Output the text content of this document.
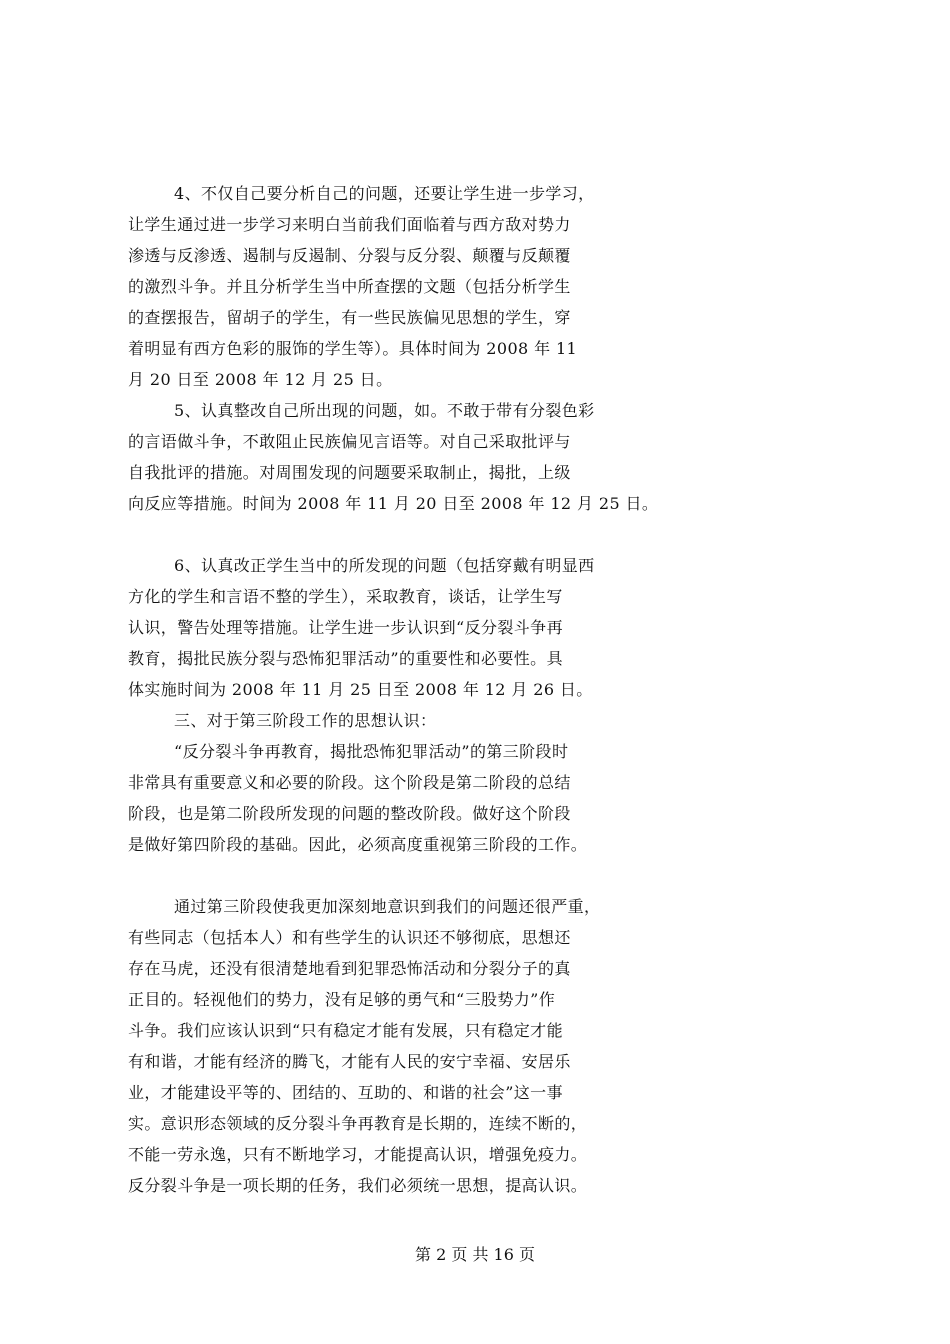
4、不仅自己要分析自己的问题，还要让学生进一步学习，
让学生通过进一步学习来明白当前我们面临着与西方敌对势力
渗透与反渗透、遏制与反遏制、分裂与反分裂、颠覆与反颠覆
的激烈斗争。并且分析学生当中所查摆的文题（包括分析学生
的查摆报告，留胡子的学生，有一些民族偏见思想的学生，穿
着明显有西方色彩的服饰的学生等）。具体时间为 2008 年 11
月 20 日至 2008 年 12 月 25 日。
5、认真整改自己所出现的问题，如。不敢于带有分裂色彩
的言语做斗争，不敢阻止民族偏见言语等。对自己采取批评与
自我批评的措施。对周围发现的问题要采取制止，揭批，上级
向反应等措施。时间为 2008 年 11 月 20 日至 2008 年 12 月 25 日。
6、认真改正学生当中的所发现的问题（包括穿戴有明显西
方化的学生和言语不整的学生），采取教育，谈话，让学生写
认识，警告处理等措施。让学生进一步认识到“反分裂斗争再
教育，揭批民族分裂与恐怖犯罪活动”的重要性和必要性。具
体实施时间为 2008 年 11 月 25 日至 2008 年 12 月 26 日。
三、对于第三阶段工作的思想认识：
“反分裂斗争再教育，揭批恐怖犯罪活动”的第三阶段时
非常具有重要意义和必要的阶段。这个阶段是第二阶段的总结
阶段，也是第二阶段所发现的问题的整改阶段。做好这个阶段
是做好第四阶段的基础。因此，必须高度重视第三阶段的工作。
通过第三阶段使我更加深刻地意识到我们的问题还很严重，
有些同志（包括本人）和有些学生的认识还不够彻底，思想还
存在马虎，还没有很清楚地看到犯罪恐怖活动和分裂分子的真
正目的。轻视他们的势力，没有足够的勇气和“三股势力”作
斗争。我们应该认识到“只有稳定才能有发展，只有稳定才能
有和谐，才能有经济的腾飞，才能有人民的安宁幸福、安居乐
业，才能建设平等的、团结的、互助的、和谐的社会”这一事
实。意识形态领域的反分裂斗争再教育是长期的，连续不断的，
不能一劳永逸，只有不断地学习，才能提高认识，增强免疫力。
反分裂斗争是一项长期的任务，我们必须统一思想，提高认识。
第 2 页 共 16 页
